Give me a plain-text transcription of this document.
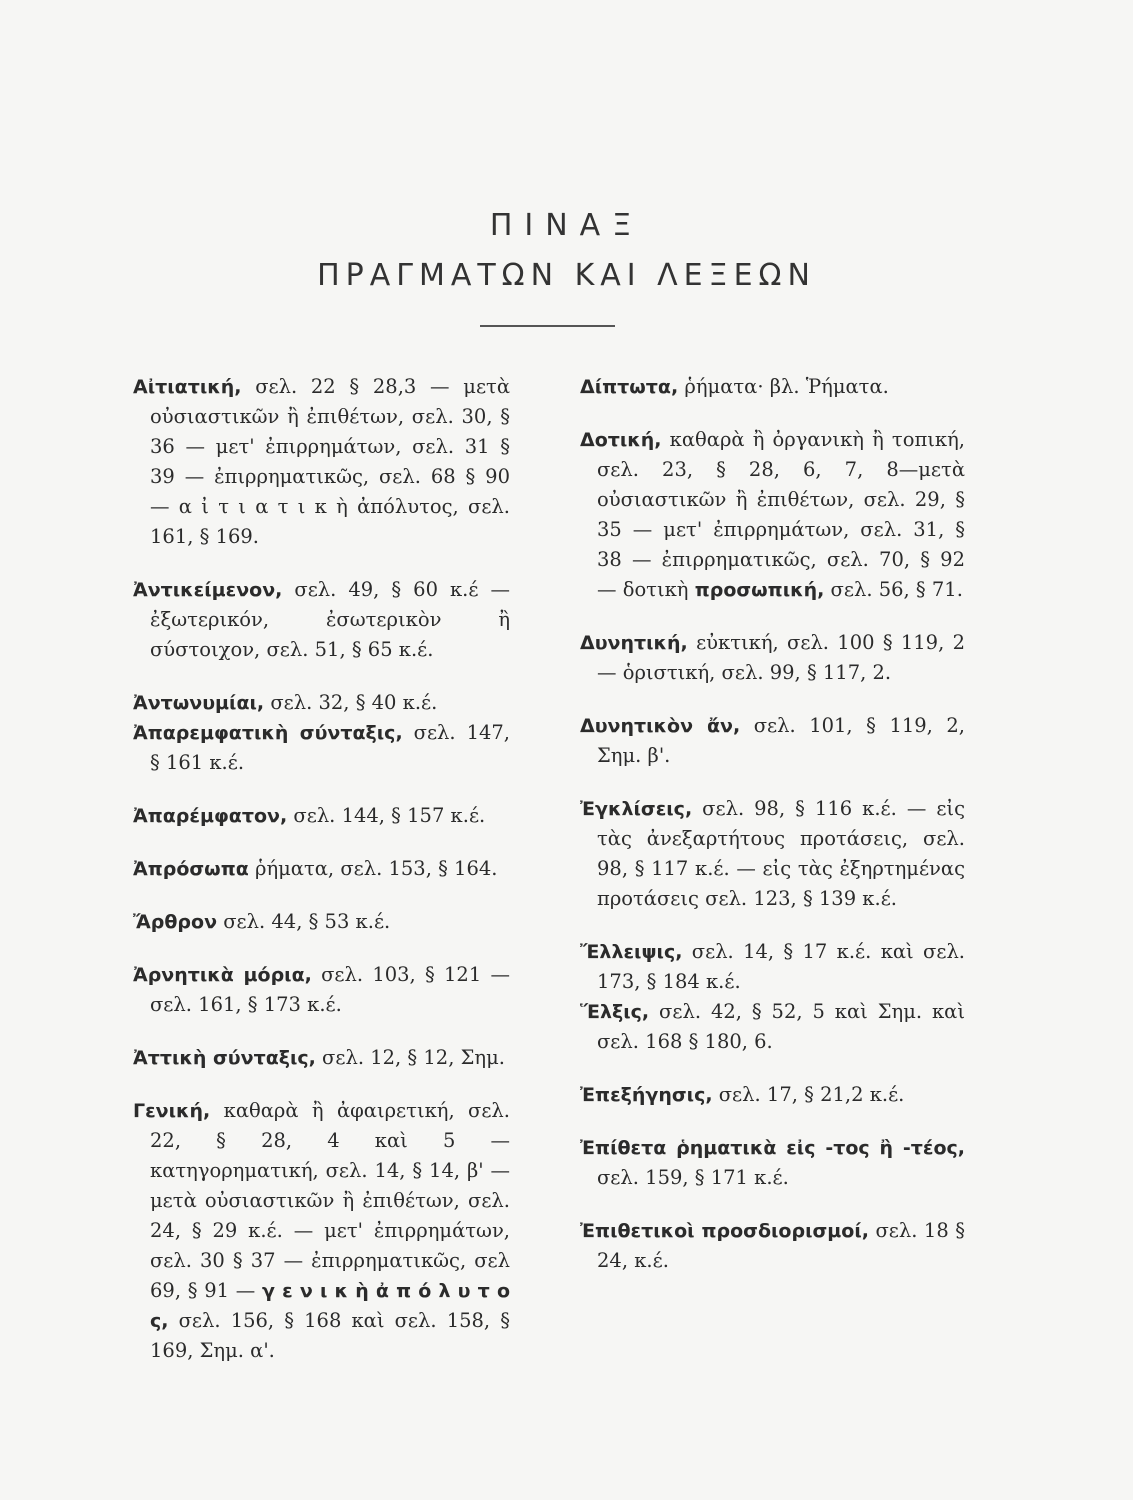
ΠΙΝΑΞ
ΠΡΑΓΜΑΤΩΝ ΚΑΙ ΛΕΞΕΩΝ
Αἰτιατική, σελ. 22 § 28,3 — μετὰ οὐσιαστικῶν ἢ ἐπιθέτων, σελ. 30, § 36 — μετ' ἐπιρρημάτων, σελ. 31 § 39 — ἐπιρρηματικῶς, σελ. 68 § 90 — α ἰ τ ι α τ ι κ ὴ ἀπόλυτος, σελ. 161, § 169.
Ἀντικείμενον, σελ. 49, § 60 κ.έ — ἐξωτερικόν, ἐσωτερικὸν ἢ σύστοιχον, σελ. 51, § 65 κ.έ.
Ἀντωνυμίαι, σελ. 32, § 40 κ.έ.
Ἀπαρεμφατικὴ σύνταξις, σελ. 147, § 161 κ.έ.
Ἀπαρέμφατον, σελ. 144, § 157 κ.έ.
Ἀπρόσωπα ῥήματα, σελ. 153, § 164.
Ἄρθρον σελ. 44, § 53 κ.έ.
Ἀρνητικὰ μόρια, σελ. 103, § 121 — σελ. 161, § 173 κ.έ.
Ἀττικὴ σύνταξις, σελ. 12, § 12, Σημ.
Γενική, καθαρὰ ἢ ἀφαιρετική, σελ. 22, § 28, 4 καὶ 5 — κατηγορηματική, σελ. 14, § 14, β' — μετὰ οὐσιαστικῶν ἢ ἐπιθέτων, σελ. 24, § 29 κ.έ. — μετ' ἐπιρρημάτων, σελ. 30 § 37 — ἐπιρρηματικῶς, σελ 69, § 91 — γ ε ν ι κ ὴ ἀ π ό λ υ τ ο ς, σελ. 156, § 168 καὶ σελ. 158, § 169, Σημ. α'.
Δίπτωτα, ῥήματα· βλ. Ῥήματα.
Δοτική, καθαρὰ ἢ ὀργανικὴ ἢ τοπική, σελ. 23, § 28, 6, 7, 8—μετὰ οὐσιαστικῶν ἢ ἐπιθέτων, σελ. 29, § 35 — μετ' ἐπιρρημάτων, σελ. 31, § 38 — ἐπιρρηματικῶς, σελ. 70, § 92 — δοτικὴ προσωπική, σελ. 56, § 71.
Δυνητική, εὐκτική, σελ. 100 § 119, 2 — ὁριστική, σελ. 99, § 117, 2.
Δυνητικὸν ἄν, σελ. 101, § 119, 2, Σημ. β'.
Ἐγκλίσεις, σελ. 98, § 116 κ.έ. — εἰς τὰς ἀνεξαρτήτους προτάσεις, σελ. 98, § 117 κ.έ. — εἰς τὰς ἐξηρτημένας προτάσεις σελ. 123, § 139 κ.έ.
Ἔλλειψις, σελ. 14, § 17 κ.έ. καὶ σελ. 173, § 184 κ.έ.
Ἕλξις, σελ. 42, § 52, 5 καὶ Σημ. καὶ σελ. 168 § 180, 6.
Ἐπεξήγησις, σελ. 17, § 21,2 κ.έ.
Ἐπίθετα ῥηματικὰ εἰς -τος ἢ -τέος, σελ. 159, § 171 κ.έ.
Ἐπιθετικοὶ προσδιορισμοί, σελ. 18 § 24, κ.έ.
